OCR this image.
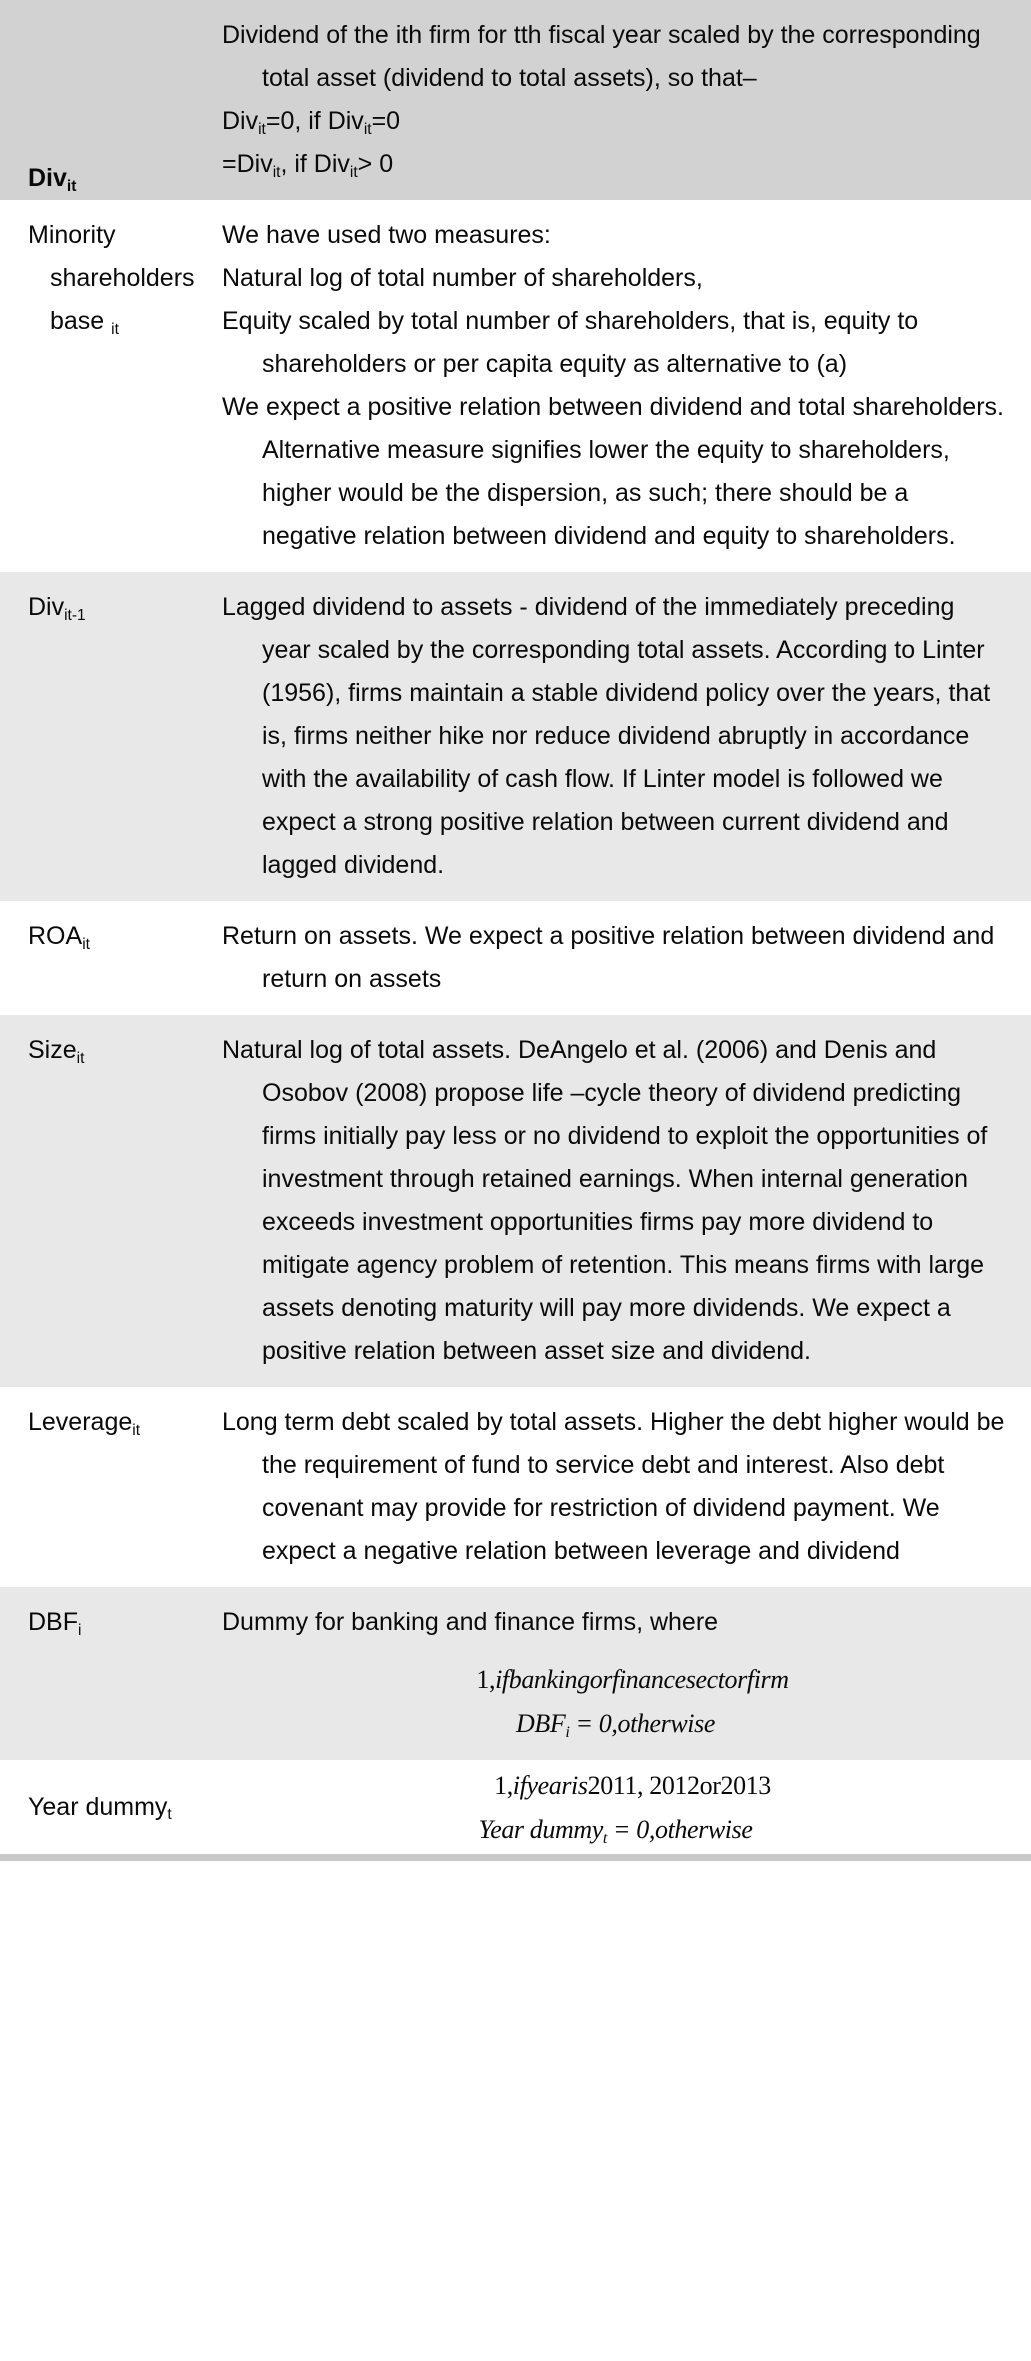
Div$_{it}$	Dividend of the ith firm for tth fiscal year scaled by the corresponding total asset (dividend to total assets), so that–

Div$_{it}$=0, if Div$_{it}$=0

=Div$_{it}$, if Div$_{it}$> 0

Minority shareholders base $_{it}$	We have used two measures:

Natural log of total number of shareholders,

Equity scaled by total number of shareholders, that is, equity to shareholders or per capita equity as alternative to (a)

We expect a positive relation between dividend and total shareholders. Alternative measure signifies lower the equity to shareholders, higher would be the dispersion, as such; there should be a negative relation between dividend and equity to shareholders.

Div$_{it-1}$	Lagged dividend to assets - dividend of the immediately preceding year scaled by the corresponding total assets. According to Linter (1956), firms maintain a stable dividend policy over the years, that is, firms neither hike nor reduce dividend abruptly in accordance with the availability of cash flow. If Linter model is followed we expect a strong positive relation between current dividend and lagged dividend.

$ROA_{it}$	Return on assets. We expect a positive relation between dividend and return on assets

Size$_{it}$	Natural log of total assets. DeAngelo et al. (2006) and Denis and Osobov (2008) propose life –cycle theory of dividend predicting firms initially pay less or no dividend to exploit the opportunities of investment through retained earnings. When internal generation exceeds investment opportunities firms pay more dividend to mitigate agency problem of retention. This means firms with large assets denoting maturity will pay more dividends. We expect a positive relation between asset size and dividend.

Leverage$_{it}$	Long term debt scaled by total assets. Higher the debt higher would be the requirement of fund to service debt and interest. Also debt covenant may provide for restriction of dividend payment. We expect a negative relation between leverage and dividend

$DBF_i$	Dummy for banking and finance firms, where

1,ifbankingorfinancesectorfirm

$DBF_i$ = 0,otherwise

Year dummy$_t$	1,ifyearis2011, 2012or2013

Year dummy$_t$ = 0,otherwise
